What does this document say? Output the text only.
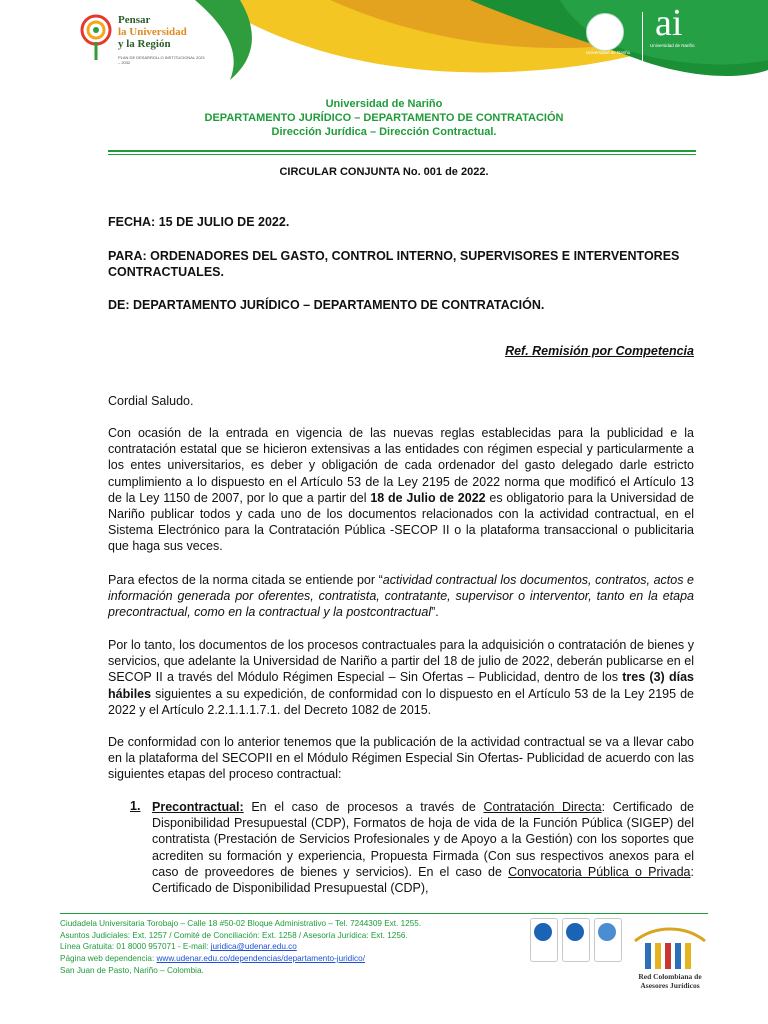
Pensar
la Universidad
y la Región
PLAN DE DESARROLLO INSTITUCIONAL 2021 – 2032
Universidad de Nariño
ai
Universidad de Nariño
Universidad de Nariño
DEPARTAMENTO JURÍDICO – DEPARTAMENTO DE CONTRATACIÓN
Dirección Jurídica – Dirección Contractual.
CIRCULAR CONJUNTA No. 001 de 2022.
FECHA: 15 DE JULIO DE 2022.
PARA: ORDENADORES DEL GASTO, CONTROL INTERNO, SUPERVISORES E INTERVENTORES CONTRACTUALES.
DE: DEPARTAMENTO JURÍDICO – DEPARTAMENTO DE CONTRATACIÓN.
Ref. Remisión por Competencia
Cordial Saludo.
Con ocasión de la entrada en vigencia de las nuevas reglas establecidas para la publicidad e la contratación estatal que se hicieron extensivas a las entidades con régimen especial y particularmente a los entes universitarios, es deber y obligación de cada ordenador del gasto delegado darle estricto cumplimiento a lo dispuesto en el Artículo 53 de la Ley 2195 de 2022 norma que modificó el Artículo 13 de la Ley 1150 de 2007, por lo que a partir del 18 de Julio de 2022 es obligatorio para la Universidad de Nariño publicar todos y cada uno de los documentos relacionados con la actividad contractual, en el Sistema Electrónico para la Contratación Pública -SECOP II o la plataforma transaccional o publicitaria que haga sus veces.
Para efectos de la norma citada se entiende por “actividad contractual los documentos, contratos, actos e información generada por oferentes, contratista, contratante, supervisor o interventor, tanto en la etapa precontractual, como en la contractual y la postcontractual”.
Por lo tanto, los documentos de los procesos contractuales para la adquisición o contratación de bienes y servicios, que adelante la Universidad de Nariño a partir del 18 de julio de 2022, deberán publicarse en el SECOP II a través del Módulo Régimen Especial – Sin Ofertas – Publicidad, dentro de los tres (3) días hábiles siguientes a su expedición, de conformidad con lo dispuesto en el Artículo 53 de la Ley 2195 de 2022 y el Artículo 2.2.1.1.1.7.1. del Decreto 1082 de 2015.
De conformidad con lo anterior tenemos que la publicación de la actividad contractual se va a llevar cabo en la plataforma del SECOPII en el Módulo Régimen Especial Sin Ofertas- Publicidad de acuerdo con las siguientes etapas del proceso contractual:
1. Precontractual: En el caso de procesos a través de Contratación Directa: Certificado de Disponibilidad Presupuestal (CDP), Formatos de hoja de vida de la Función Pública (SIGEP) del contratista (Prestación de Servicios Profesionales y de Apoyo a la Gestión) con los soportes que acrediten su formación y experiencia, Propuesta Firmada (Con sus respectivos anexos para el caso de proveedores de bienes y servicios). En el caso de Convocatoria Pública o Privada: Certificado de Disponibilidad Presupuestal (CDP),
Ciudadela Universitaria Torobajo – Calle 18 #50-02 Bloque Administrativo – Tel. 7244309 Ext. 1255.
Asuntos Judiciales: Ext. 1257 / Comité de Conciliación: Ext. 1258 / Asesoría Jurídica: Ext. 1256.
Línea Gratuita: 01 8000 957071 - E-mail: juridica@udenar.edu.co
Página web dependencia: www.udenar.edu.co/dependencias/departamento-juridico/
San Juan de Pasto, Nariño – Colombia.
Red Colombiana de
Asesores Jurídicos
